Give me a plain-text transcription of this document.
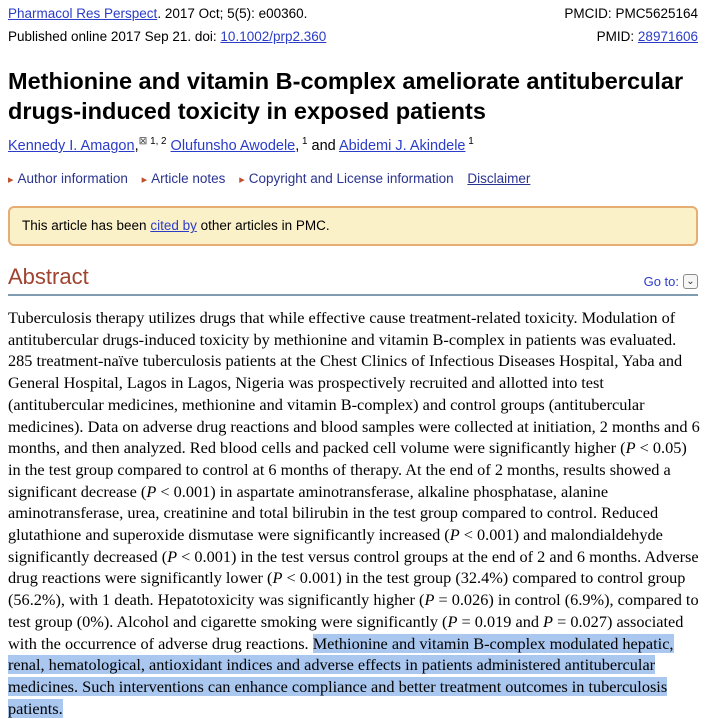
Pharmacol Res Perspect. 2017 Oct; 5(5): e00360.	PMCID: PMC5625164
Published online 2017 Sep 21. doi: 10.1002/prp2.360	PMID: 28971606
Methionine and vitamin B-complex ameliorate antitubercular drugs-induced toxicity in exposed patients
Kennedy I. Amagon,⊠ $^{1, 2}$ Olufunsho Awodele, $^1$ and Abidemi J. Akindele $^1$
▸ Author information ▸ Article notes ▸ Copyright and License information Disclaimer
This article has been cited by other articles in PMC.
Abstract	Go to: ⌄
Tuberculosis therapy utilizes drugs that while effective cause treatment-related toxicity. Modulation of antitubercular drugs-induced toxicity by methionine and vitamin B-complex in patients was evaluated. 285 treatment-naïve tuberculosis patients at the Chest Clinics of Infectious Diseases Hospital, Yaba and General Hospital, Lagos in Lagos, Nigeria was prospectively recruited and allotted into test (antitubercular medicines, methionine and vitamin B-complex) and control groups (antitubercular medicines). Data on adverse drug reactions and blood samples were collected at initiation, 2 months and 6 months, and then analyzed. Red blood cells and packed cell volume were significantly higher (P < 0.05) in the test group compared to control at 6 months of therapy. At the end of 2 months, results showed a significant decrease (P < 0.001) in aspartate aminotransferase, alkaline phosphatase, alanine aminotransferase, urea, creatinine and total bilirubin in the test group compared to control. Reduced glutathione and superoxide dismutase were significantly increased (P < 0.001) and malondialdehyde significantly decreased (P < 0.001) in the test versus control groups at the end of 2 and 6 months. Adverse drug reactions were significantly lower (P < 0.001) in the test group (32.4%) compared to control group (56.2%), with 1 death. Hepatotoxicity was significantly higher (P = 0.026) in control (6.9%), compared to test group (0%). Alcohol and cigarette smoking were significantly (P = 0.019 and P = 0.027) associated with the occurrence of adverse drug reactions. Methionine and vitamin B-complex modulated hepatic, renal, hematological, antioxidant indices and adverse effects in patients administered antitubercular medicines. Such interventions can enhance compliance and better treatment outcomes in tuberculosis patients.
